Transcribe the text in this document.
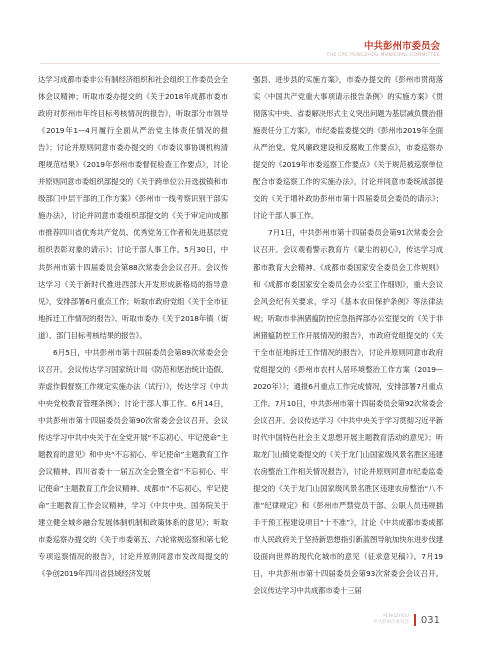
中共彭州市委员会
THE CPC PENGZHOU MUNICIPAL COMMITTEE

达学习成都市委非公有制经济组织和社会组织工作委员会全体会议精神；听取市委办提交的《关于2018年成都市委市政府对彭州市年终目标考核情况的报告》，听取部分市领导《2019年1—4月履行全面从严治党主体责任情况的报告》；讨论并原则同意市委办提交的《市委议事协调机构清理规范结果》《2019年彭州市委督促检查工作要点》，讨论并原则同意市委组织部提交的《关于跨单位公开选拔镇和市级部门中层干部的工作方案》《彭州市一线考察识别干部实施办法》，讨论并同意市委组织部提交的《关于审定向成都市推荐四川省优秀共产党员、优秀党务工作者和先进基层党组织表彰对象的请示》；讨论干部人事工作。5月30日，中共彭州市第十四届委员会第88次常委会会议召开。会议传达学习《关于新时代推进西部大开发形成新格局的指导意见》，安排部署6月重点工作；听取市政府党组《关于全市征地拆迁工作情况的报告》、听取市委办《关于2018年镇（街道）、部门目标考核结果的报告》。

6月5日，中共彭州市第十四届委员会第89次常委会会议召开。会议传达学习国家统计局《防范和惩治统计造假、弄虚作假督察工作规定实施办法（试行）》，传达学习《中共中央党校教育管理条例》；讨论干部人事工作。6月14日，中共彭州市第十四届委员会第90次常委会会议召开。会议传达学习中共中央关于在全党开展“不忘初心、牢记使命”主题教育的意见》和中央“不忘初心、牢记使命”主题教育工作会议精神、四川省委十一届五次全会暨全省“不忘初心、牢记使命”主题教育工作会议精神、成都市“不忘初心、牢记使命”主题教育工作会议精神，学习《中共中央、国务院关于建立健全城乡融合发展体制机制和政策体系的意见》；听取市委巡察办提交的《关于市委第五、六轮常规巡察和第七轮专项巡察情况的报告》，讨论并原则同意市发改局提交的《争创2019年四川省县域经济发展

强县、进步县的实施方案》，市委办提交的《彭州市贯彻落实〈中国共产党重大事项请示报告条例〉的实施方案》《贯彻落实中央、省委解决形式主义突出问题为基层减负暨治措施责任分工方案》，市纪委监委提交的《彭州市2019年全面从严治党、党风廉政建设和反腐败工作要点》，市委巡察办提交的《2019年市委巡察工作要点》《关于规范被巡察单位配合市委巡察工作的实施办法》，讨论并同意市委统战部提交的《关于增补政协彭州市第十四届委员会委员的请示》；讨论干部人事工作。

7月1日，中共彭州市第十四届委员会第91次常委会会议召开。会议观看警示教育片《蒙尘的初心》，传达学习成都市教育大会精神、《成都市委国家安全委员会工作规则》和《成都市委国家安全委员会办公室工作细则》，重大会议会风会纪有关要求，学习《基本农田保护条例》等法律法规；听取市非洲猪瘟防控应急指挥部办公室提交的《关于非洲猪瘟防控工作开展情况的报告》，市政府党组提交的《关于全市征地拆迁工作情况的报告》，讨论并原则同意市政府党组提交的《彭州市农村人居环境整治工作方案（2019—2020年）》；通报6月重点工作完成情况，安排部署7月重点工作。7月10日，中共彭州市第十四届委员会第92次常委会会议召开。会议传达学习《中共中央关于学习贯彻习近平新时代中国特色社会主义思想开展主题教育活动的意见》；听取龙门山镇党委提交的《关于龙门山国家级风景名胜区违建农房整治工作相关情况报告》，讨论并原则同意市纪委监委提交的《关于龙门山国家级风景名胜区违建农房整治“八不准”纪律规定》和《彭州市严禁党员干部、公职人员违规插手干预工程建设项目“十不准”》，讨论《中共成都市委成都市人民政府关于坚持新思想指引新蓝图导航加快东进步伐建设面向世界的现代化城市的意见（征求意见稿）》。7月19日，中共彭州市第十四届委员会第93次常委会会议召开。会议传达学习中共成都市委十三届

PENGZHOU
中共彭州市委员会 031
